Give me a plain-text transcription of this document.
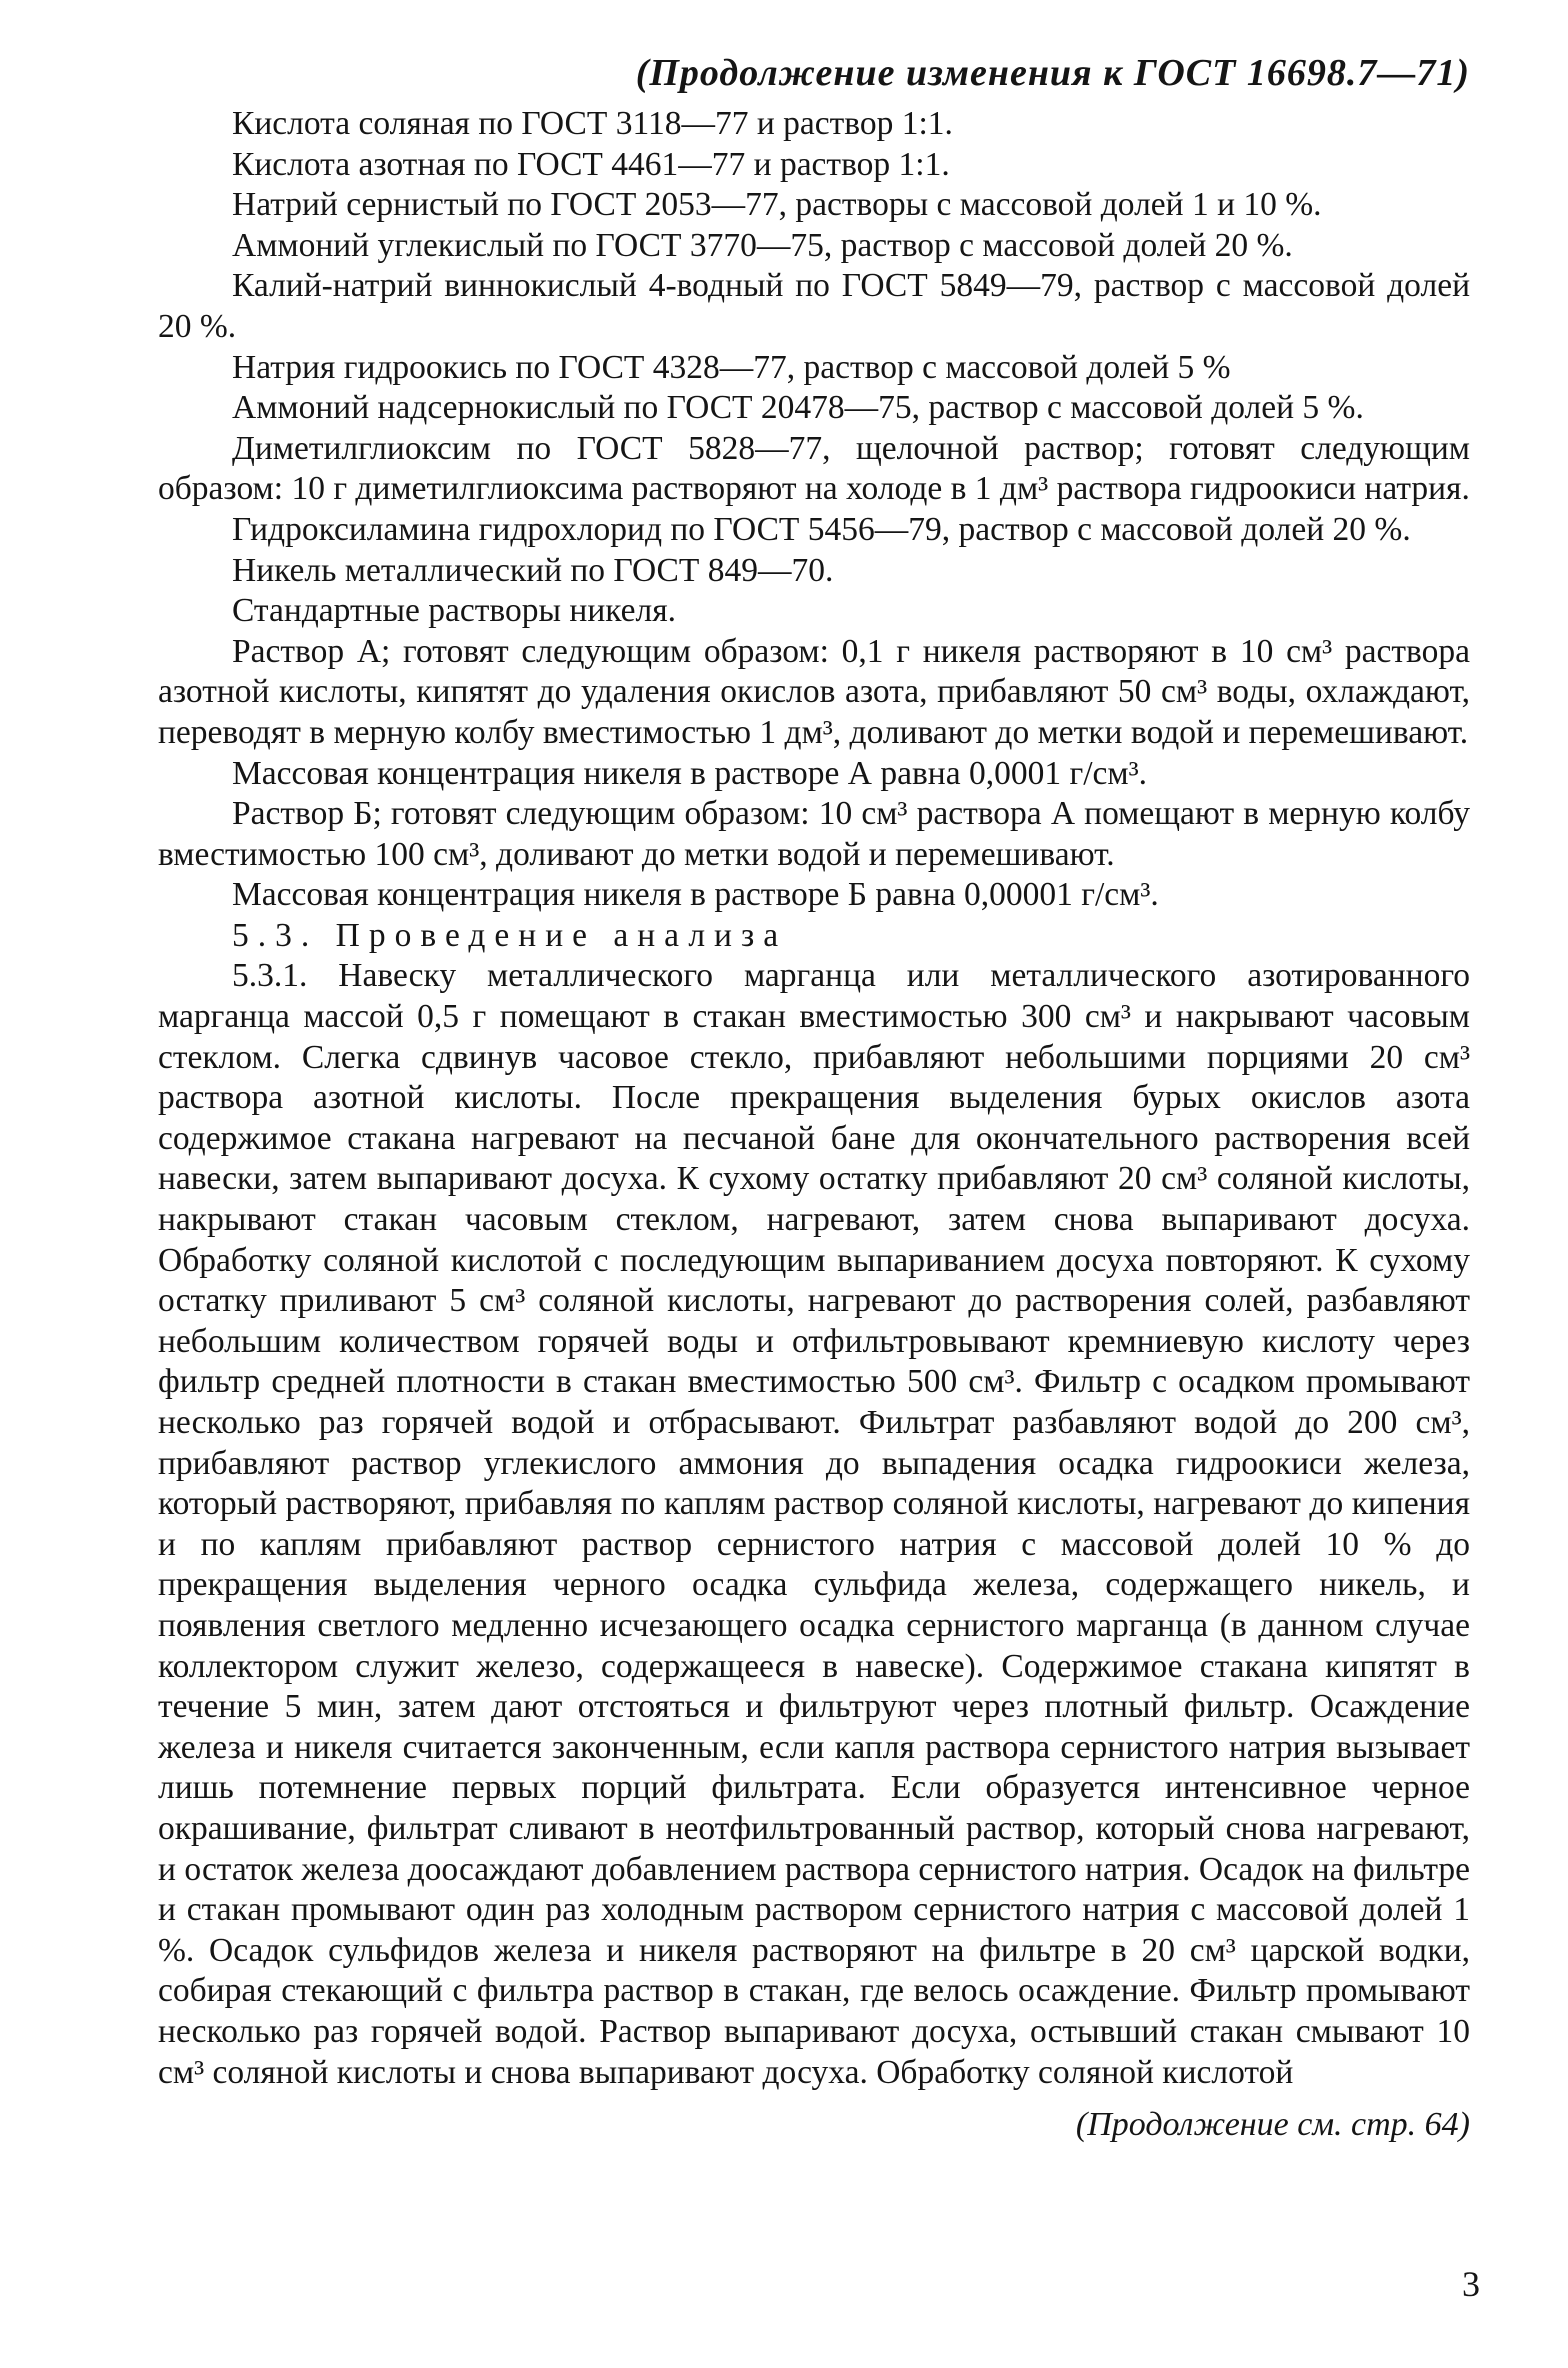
(Продолжение изменения к ГОСТ 16698.7—71)

Кислота соляная по ГОСТ 3118—77 и раствор 1:1.

Кислота азотная по ГОСТ 4461—77 и раствор 1:1.

Натрий сернистый по ГОСТ 2053—77, растворы с массовой долей 1 и 10 %.

Аммоний углекислый по ГОСТ 3770—75, раствор с массовой долей 20 %.

Калий-натрий виннокислый 4-водный по ГОСТ 5849—79, раствор с массовой долей 20 %.

Натрия гидроокись по ГОСТ 4328—77, раствор с массовой долей 5 %

Аммоний надсернокислый по ГОСТ 20478—75, раствор с массовой долей 5 %.

Диметилглиоксим по ГОСТ 5828—77, щелочной раствор; готовят следующим образом: 10 г диметилглиоксима растворяют на холоде в 1 дм³ раствора гидроокиси натрия.

Гидроксиламина гидрохлорид по ГОСТ 5456—79, раствор с массовой долей 20 %.

Никель металлический по ГОСТ 849—70.

Стандартные растворы никеля.

Раствор А; готовят следующим образом: 0,1 г никеля растворяют в 10 см³ раствора азотной кислоты, кипятят до удаления окислов азота, прибавляют 50 см³ воды, охлаждают, переводят в мерную колбу вместимостью 1 дм³, доливают до метки водой и перемешивают.

Массовая концентрация никеля в растворе А равна 0,0001 г/см³.

Раствор Б; готовят следующим образом: 10 см³ раствора А помещают в мерную колбу вместимостью 100 см³, доливают до метки водой и перемешивают.

Массовая концентрация никеля в растворе Б равна 0,00001 г/см³.

5.3. Проведение анализа

5.3.1. Навеску металлического марганца или металлического азотированного марганца массой 0,5 г помещают в стакан вместимостью 300 см³ и накрывают часовым стеклом. Слегка сдвинув часовое стекло, прибавляют небольшими порциями 20 см³ раствора азотной кислоты. После прекращения выделения бурых окислов азота содержимое стакана нагревают на песчаной бане для окончательного растворения всей навески, затем выпаривают досуха. К сухому остатку прибавляют 20 см³ соляной кислоты, накрывают стакан часовым стеклом, нагревают, затем снова выпаривают досуха. Обработку соляной кислотой с последующим выпариванием досуха повторяют. К сухому остатку приливают 5 см³ соляной кислоты, нагревают до растворения солей, разбавляют небольшим количеством горячей воды и отфильтровывают кремниевую кислоту через фильтр средней плотности в стакан вместимостью 500 см³. Фильтр с осадком промывают несколько раз горячей водой и отбрасывают. Фильтрат разбавляют водой до 200 см³, прибавляют раствор углекислого аммония до выпадения осадка гидроокиси железа, который растворяют, прибавляя по каплям раствор соляной кислоты, нагревают до кипения и по каплям прибавляют раствор сернистого натрия с массовой долей 10 % до прекращения выделения черного осадка сульфида железа, содержащего никель, и появления светлого медленно исчезающего осадка сернистого марганца (в данном случае коллектором служит железо, содержащееся в навеске). Содержимое стакана кипятят в течение 5 мин, затем дают отстояться и фильтруют через плотный фильтр. Осаждение железа и никеля считается законченным, если капля раствора сернистого натрия вызывает лишь потемнение первых порций фильтрата. Если образуется интенсивное черное окрашивание, фильтрат сливают в неотфильтрованный раствор, который снова нагревают, и остаток железа доосаждают добавлением раствора сернистого натрия. Осадок на фильтре и стакан промывают один раз холодным раствором сернистого натрия с массовой долей 1 %. Осадок сульфидов железа и никеля растворяют на фильтре в 20 см³ царской водки, собирая стекающий с фильтра раствор в стакан, где велось осаждение. Фильтр промывают несколько раз горячей водой. Раствор выпаривают досуха, остывший стакан смывают 10 см³ соляной кислоты и снова выпаривают досуха. Обработку соляной кислотой

(Продолжение см. стр. 64)
3
